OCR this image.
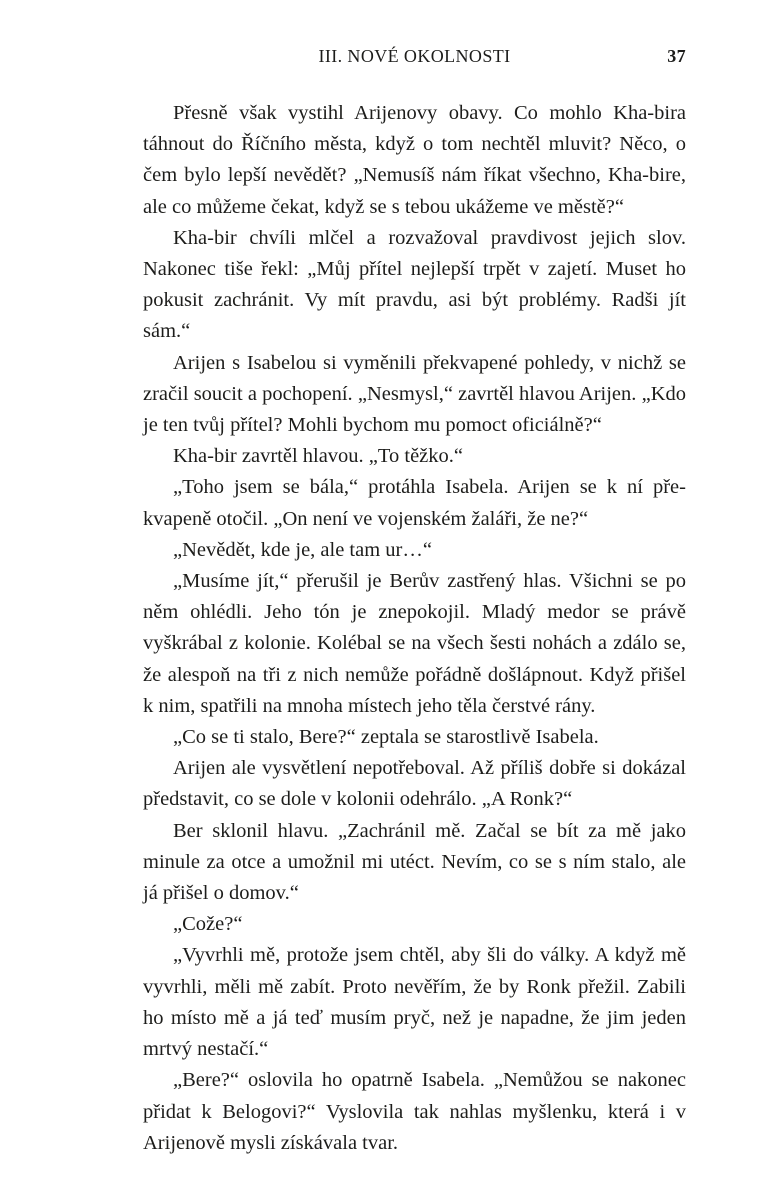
III. NOVÉ OKOLNOSTI	37

Přesně však vystihl Arijenovy obavy. Co mohlo Kha-bira táhnout do Říčního města, když o tom nechtěl mluvit? Něco, o čem bylo lepší nevědět? „Nemusíš nám říkat všechno, Kha-bire, ale co můžeme čekat, když se s tebou ukážeme ve městě?“

Kha-bir chvíli mlčel a rozvažoval pravdivost jejich slov. Nakonec tiše řekl: „Můj přítel nejlepší trpět v zajetí. Muset ho pokusit zachránit. Vy mít pravdu, asi být problémy. Radši jít sám.“

Arijen s Isabelou si vyměnili překvapené pohledy, v nichž se zračil soucit a pochopení. „Nesmysl,“ zavrtěl hlavou Arijen. „Kdo je ten tvůj přítel? Mohli bychom mu pomoct oficiálně?“

Kha-bir zavrtěl hlavou. „To těžko.“

„Toho jsem se bála,“ protáhla Isabela. Arijen se k ní překvapeně otočil. „On není ve vojenském žaláři, že ne?“

„Nevědět, kde je, ale tam ur…“

„Musíme jít,“ přerušil je Berův zastřený hlas. Všichni se po něm ohlédli. Jeho tón je znepokojil. Mladý medor se právě vyškrábal z kolonie. Kolébal se na všech šesti nohách a zdálo se, že alespoň na tři z nich nemůže pořádně došlápnout. Když přišel k nim, spatřili na mnoha místech jeho těla čerstvé rány.

„Co se ti stalo, Bere?“ zeptala se starostlivě Isabela.

Arijen ale vysvětlení nepotřeboval. Až příliš dobře si dokázal představit, co se dole v kolonii odehrálo. „A Ronk?“

Ber sklonil hlavu. „Zachránil mě. Začal se bít za mě jako minule za otce a umožnil mi utéct. Nevím, co se s ním stalo, ale já přišel o domov.“

„Cože?“

„Vyvrhli mě, protože jsem chtěl, aby šli do války. A když mě vyvrhli, měli mě zabít. Proto nevěřím, že by Ronk přežil. Zabili ho místo mě a já teď musím pryč, než je napadne, že jim jeden mrtvý nestačí.“

„Bere?“ oslovila ho opatrně Isabela. „Nemůžou se nakonec přidat k Belogovi?“ Vyslovila tak nahlas myšlenku, která i v Arijenově mysli získávala tvar.
